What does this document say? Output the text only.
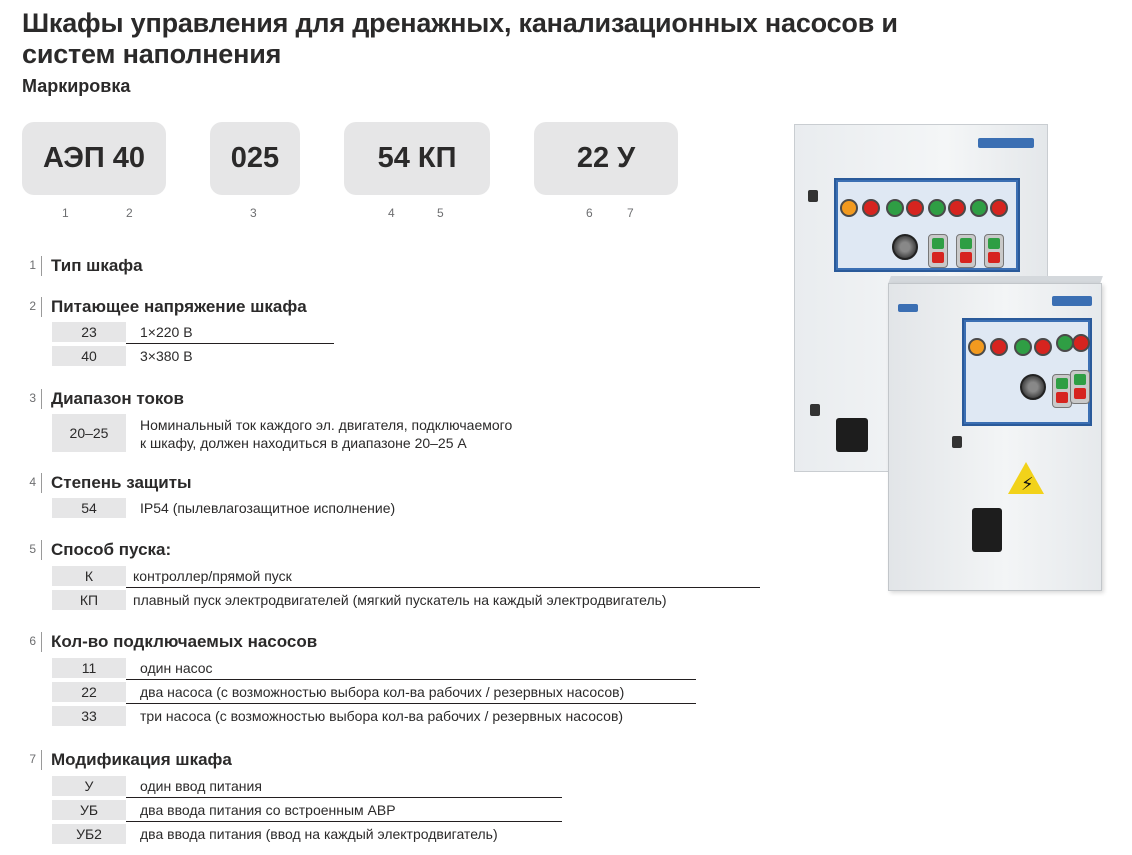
Шкафы управления для дренажных, канализационных насосов и систем наполнения
Маркировка
АЭП 40	025	54 КП	22 У
1	2	3	4	5	6	7
1 Тип шкафа
2 Питающее напряжение шкафа
23	1×220 В
40	3×380 В
3 Диапазон токов
20–25	Номинальный ток каждого эл. двигателя, подключаемого
к шкафу, должен находиться в диапазоне 20–25 А
4 Степень защиты
54	IP54 (пылевлагозащитное исполнение)
5 Способ пуска:
К	контроллер/прямой пуск
КП	плавный пуск электродвигателей (мягкий пускатель на каждый электродвигатель)
6 Кол-во подключаемых насосов
11	один насос
22	два насоса (с возможностью выбора кол-ва рабочих / резервных насосов)
33	три насоса (с возможностью выбора кол-ва рабочих / резервных насосов)
7 Модификация шкафа
У	один ввод питания
УБ	два ввода питания со встроенным АВР
УБ2	два ввода питания (ввод на каждый электродвигатель)
⚡
